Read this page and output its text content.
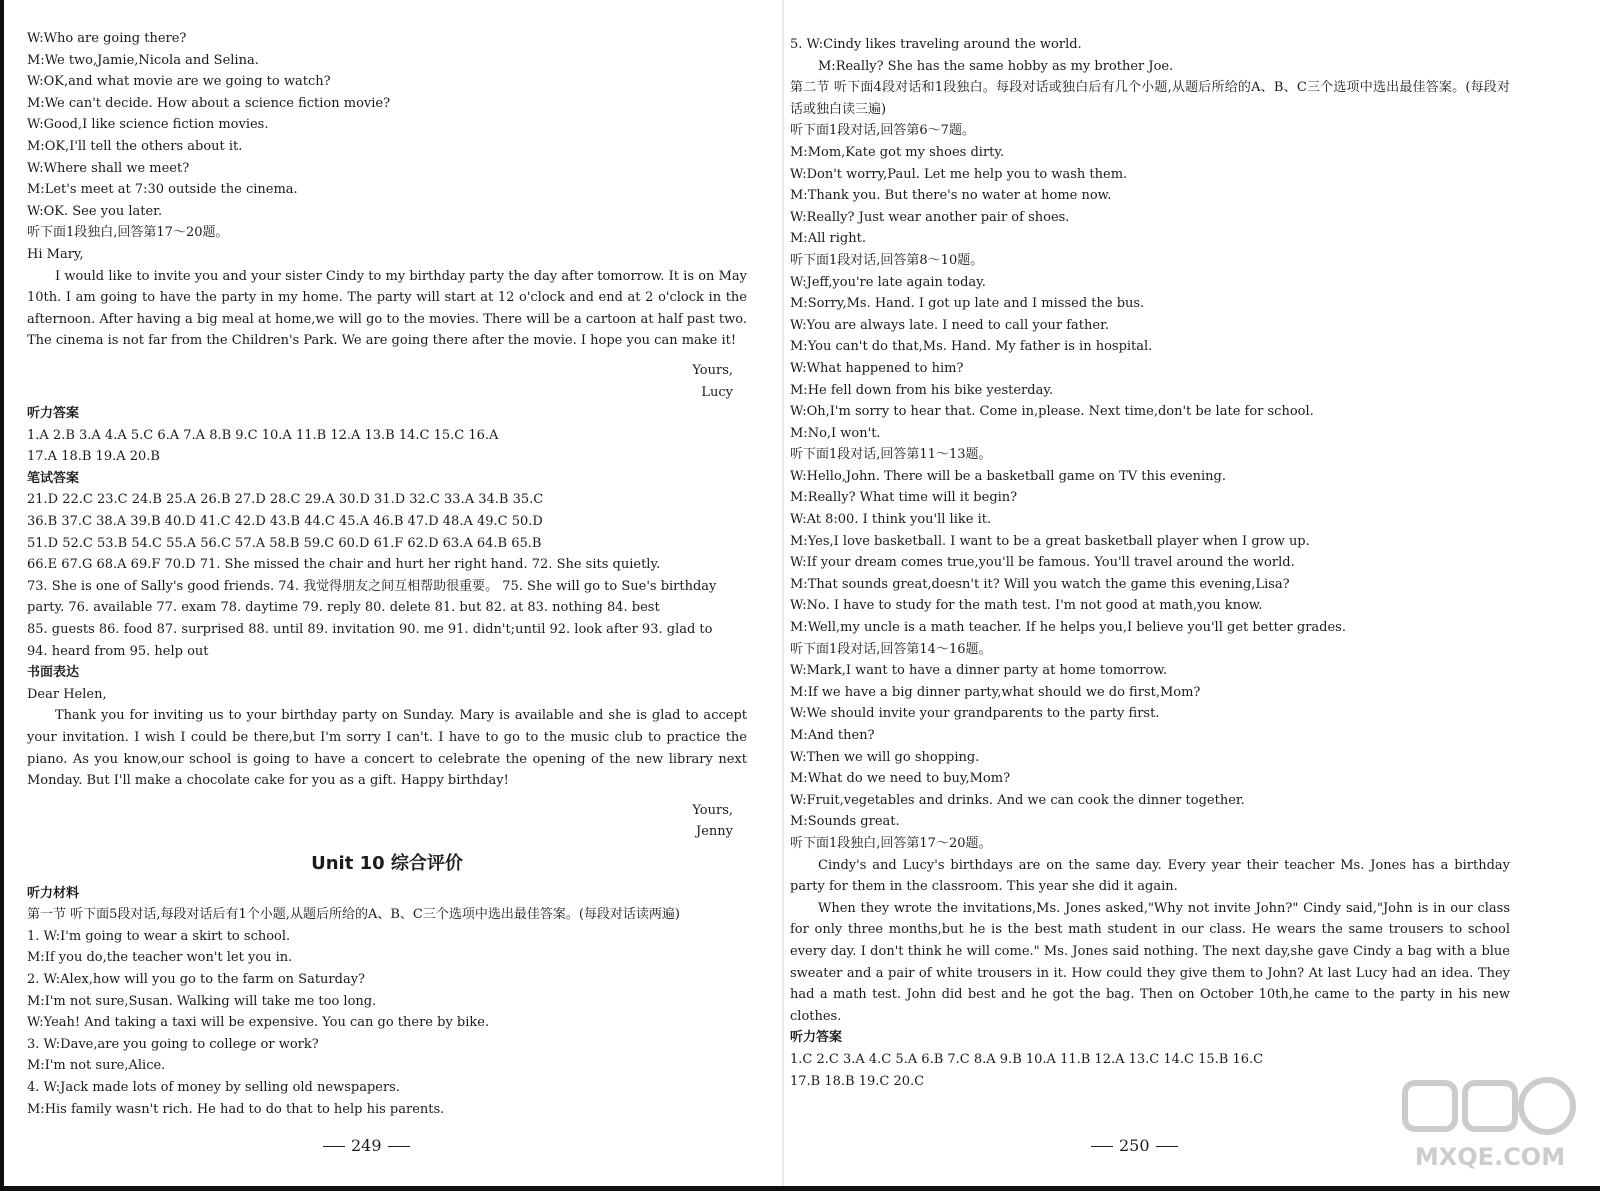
W:Who are going there?
M:We two,Jamie,Nicola and Selina.
W:OK,and what movie are we going to watch?
M:We can't decide. How about a science fiction movie?
W:Good,I like science fiction movies.
M:OK,I'll tell the others about it.
W:Where shall we meet?
M:Let's meet at 7:30 outside the cinema.
W:OK. See you later.
听下面1段独白,回答第17～20题。
Hi Mary,
I would like to invite you and your sister Cindy to my birthday party the day after tomorrow. It is on May 10th. I am going to have the party in my home. The party will start at 12 o'clock and end at 2 o'clock in the afternoon. After having a big meal at home,we will go to the movies. There will be a cartoon at half past two. The cinema is not far from the Children's Park. We are going there after the movie. I hope you can make it!
Yours,
Lucy
听力答案
1.A 2.B 3.A 4.A 5.C 6.A 7.A 8.B 9.C 10.A 11.B 12.A 13.B 14.C 15.C 16.A
17.A 18.B 19.A 20.B
笔试答案
21.D 22.C 23.C 24.B 25.A 26.B 27.D 28.C 29.A 30.D 31.D 32.C 33.A 34.B 35.C
36.B 37.C 38.A 39.B 40.D 41.C 42.D 43.B 44.C 45.A 46.B 47.D 48.A 49.C 50.D
51.D 52.C 53.B 54.C 55.A 56.C 57.A 58.B 59.C 60.D 61.F 62.D 63.A 64.B 65.B
66.E 67.G 68.A 69.F 70.D 71. She missed the chair and hurt her right hand. 72. She sits quietly.
73. She is one of Sally's good friends. 74. 我觉得朋友之间互相帮助很重要。 75. She will go to Sue's birthday
party. 76. available 77. exam 78. daytime 79. reply 80. delete 81. but 82. at 83. nothing 84. best
85. guests 86. food 87. surprised 88. until 89. invitation 90. me 91. didn't;until 92. look after 93. glad to
94. heard from 95. help out
书面表达
Dear Helen,
Thank you for inviting us to your birthday party on Sunday. Mary is available and she is glad to accept your invitation. I wish I could be there,but I'm sorry I can't. I have to go to the music club to practice the piano. As you know,our school is going to have a concert to celebrate the opening of the new library next Monday. But I'll make a chocolate cake for you as a gift. Happy birthday!
Yours,
Jenny
Unit 10 综合评价
听力材料
第一节 听下面5段对话,每段对话后有1个小题,从题后所给的A、B、C三个选项中选出最佳答案。(每段对话读两遍)
1. W:I'm going to wear a skirt to school.
M:If you do,the teacher won't let you in.
2. W:Alex,how will you go to the farm on Saturday?
M:I'm not sure,Susan. Walking will take me too long.
W:Yeah! And taking a taxi will be expensive. You can go there by bike.
3. W:Dave,are you going to college or work?
M:I'm not sure,Alice.
4. W:Jack made lots of money by selling old newspapers.
M:His family wasn't rich. He had to do that to help his parents.
249
5. W:Cindy likes traveling around the world.
M:Really? She has the same hobby as my brother Joe.
第二节 听下面4段对话和1段独白。每段对话或独白后有几个小题,从题后所给的A、B、C三个选项中选出最佳答案。(每段对话或独白读三遍)
听下面1段对话,回答第6～7题。
M:Mom,Kate got my shoes dirty.
W:Don't worry,Paul. Let me help you to wash them.
M:Thank you. But there's no water at home now.
W:Really? Just wear another pair of shoes.
M:All right.
听下面1段对话,回答第8～10题。
W:Jeff,you're late again today.
M:Sorry,Ms. Hand. I got up late and I missed the bus.
W:You are always late. I need to call your father.
M:You can't do that,Ms. Hand. My father is in hospital.
W:What happened to him?
M:He fell down from his bike yesterday.
W:Oh,I'm sorry to hear that. Come in,please. Next time,don't be late for school.
M:No,I won't.
听下面1段对话,回答第11～13题。
W:Hello,John. There will be a basketball game on TV this evening.
M:Really? What time will it begin?
W:At 8:00. I think you'll like it.
M:Yes,I love basketball. I want to be a great basketball player when I grow up.
W:If your dream comes true,you'll be famous. You'll travel around the world.
M:That sounds great,doesn't it? Will you watch the game this evening,Lisa?
W:No. I have to study for the math test. I'm not good at math,you know.
M:Well,my uncle is a math teacher. If he helps you,I believe you'll get better grades.
听下面1段对话,回答第14～16题。
W:Mark,I want to have a dinner party at home tomorrow.
M:If we have a big dinner party,what should we do first,Mom?
W:We should invite your grandparents to the party first.
M:And then?
W:Then we will go shopping.
M:What do we need to buy,Mom?
W:Fruit,vegetables and drinks. And we can cook the dinner together.
M:Sounds great.
听下面1段独白,回答第17～20题。
Cindy's and Lucy's birthdays are on the same day. Every year their teacher Ms. Jones has a birthday party for them in the classroom. This year she did it again.
When they wrote the invitations,Ms. Jones asked,"Why not invite John?" Cindy said,"John is in our class for only three months,but he is the best math student in our class. He wears the same trousers to school every day. I don't think he will come." Ms. Jones said nothing. The next day,she gave Cindy a bag with a blue sweater and a pair of white trousers in it. How could they give them to John? At last Lucy had an idea. They had a math test. John did best and he got the bag. Then on October 10th,he came to the party in his new clothes.
听力答案
1.C 2.C 3.A 4.C 5.A 6.B 7.C 8.A 9.B 10.A 11.B 12.A 13.C 14.C 15.B 16.C
17.B 18.B 19.C 20.C
250	MXQE.COM
